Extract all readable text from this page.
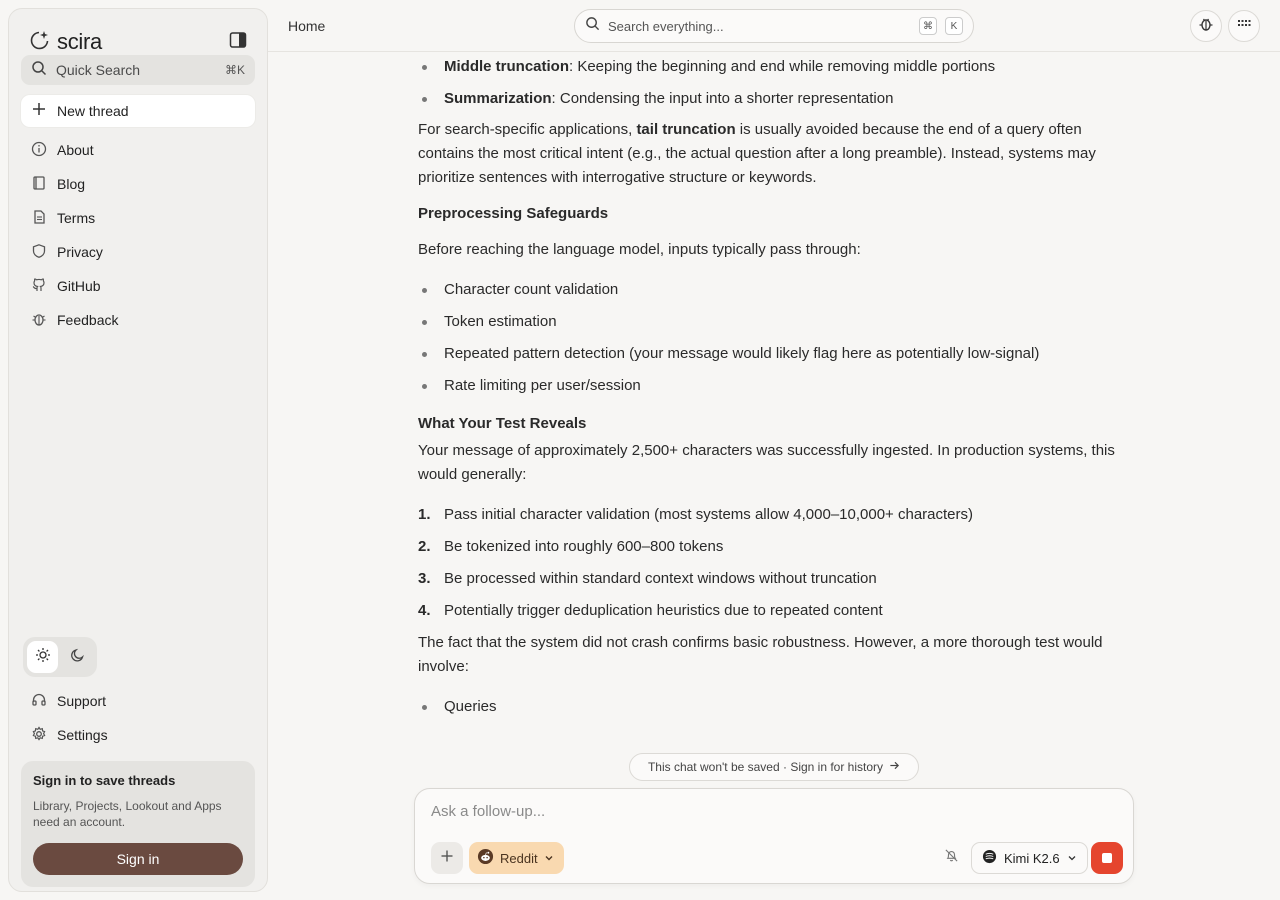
scira
Quick Search	⌘K
New thread
About
Blog
Terms
Privacy
GitHub
Feedback
Support
Settings
Sign in to save threads
Library, Projects, Lookout and Apps need an account.
Sign in
Home
Search everything...	⌘	K
Middle truncation: Keeping the beginning and end while removing middle portions
Summarization: Condensing the input into a shorter representation

For search-specific applications, tail truncation is usually avoided because the end of a query often contains the most critical intent (e.g., the actual question after a long preamble). Instead, systems may prioritize sentences with interrogative structure or keywords.

Preprocessing Safeguards

Before reaching the language model, inputs typically pass through:

Character count validation
Token estimation
Repeated pattern detection (your message would likely flag here as potentially low-signal)
Rate limiting per user/session

What Your Test Reveals

Your message of approximately 2,500+ characters was successfully ingested. In production systems, this would generally:

1. Pass initial character validation (most systems allow 4,000–10,000+ characters)
2. Be tokenized into roughly 600–800 tokens
3. Be processed within standard context windows without truncation
4. Potentially trigger deduplication heuristics due to repeated content

The fact that the system did not crash confirms basic robustness. However, a more thorough test would involve:

Queries
This chat won't be saved · Sign in for history
Ask a follow-up...
Reddit	Kimi K2.6
